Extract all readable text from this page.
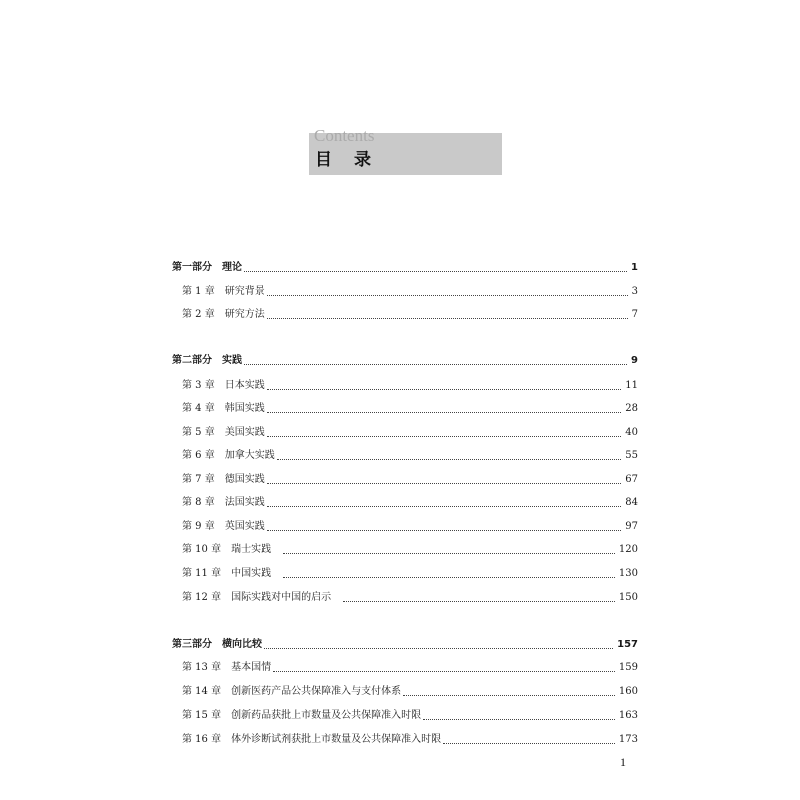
Contents
目录
第一部分 理论	1
第 1 章 研究背景	3
第 2 章 研究方法	7
第二部分 实践	9
第 3 章 日本实践	11
第 4 章 韩国实践	28
第 5 章 美国实践	40
第 6 章 加拿大实践	55
第 7 章 德国实践	67
第 8 章 法国实践	84
第 9 章 英国实践	97
第 10 章 瑞士实践	120
第 11 章 中国实践	130
第 12 章 国际实践对中国的启示	150
第三部分 横向比较	157
第 13 章 基本国情	159
第 14 章 创新医药产品公共保障准入与支付体系	160
第 15 章 创新药品获批上市数量及公共保障准入时限	163
第 16 章 体外诊断试剂获批上市数量及公共保障准入时限	173
1
